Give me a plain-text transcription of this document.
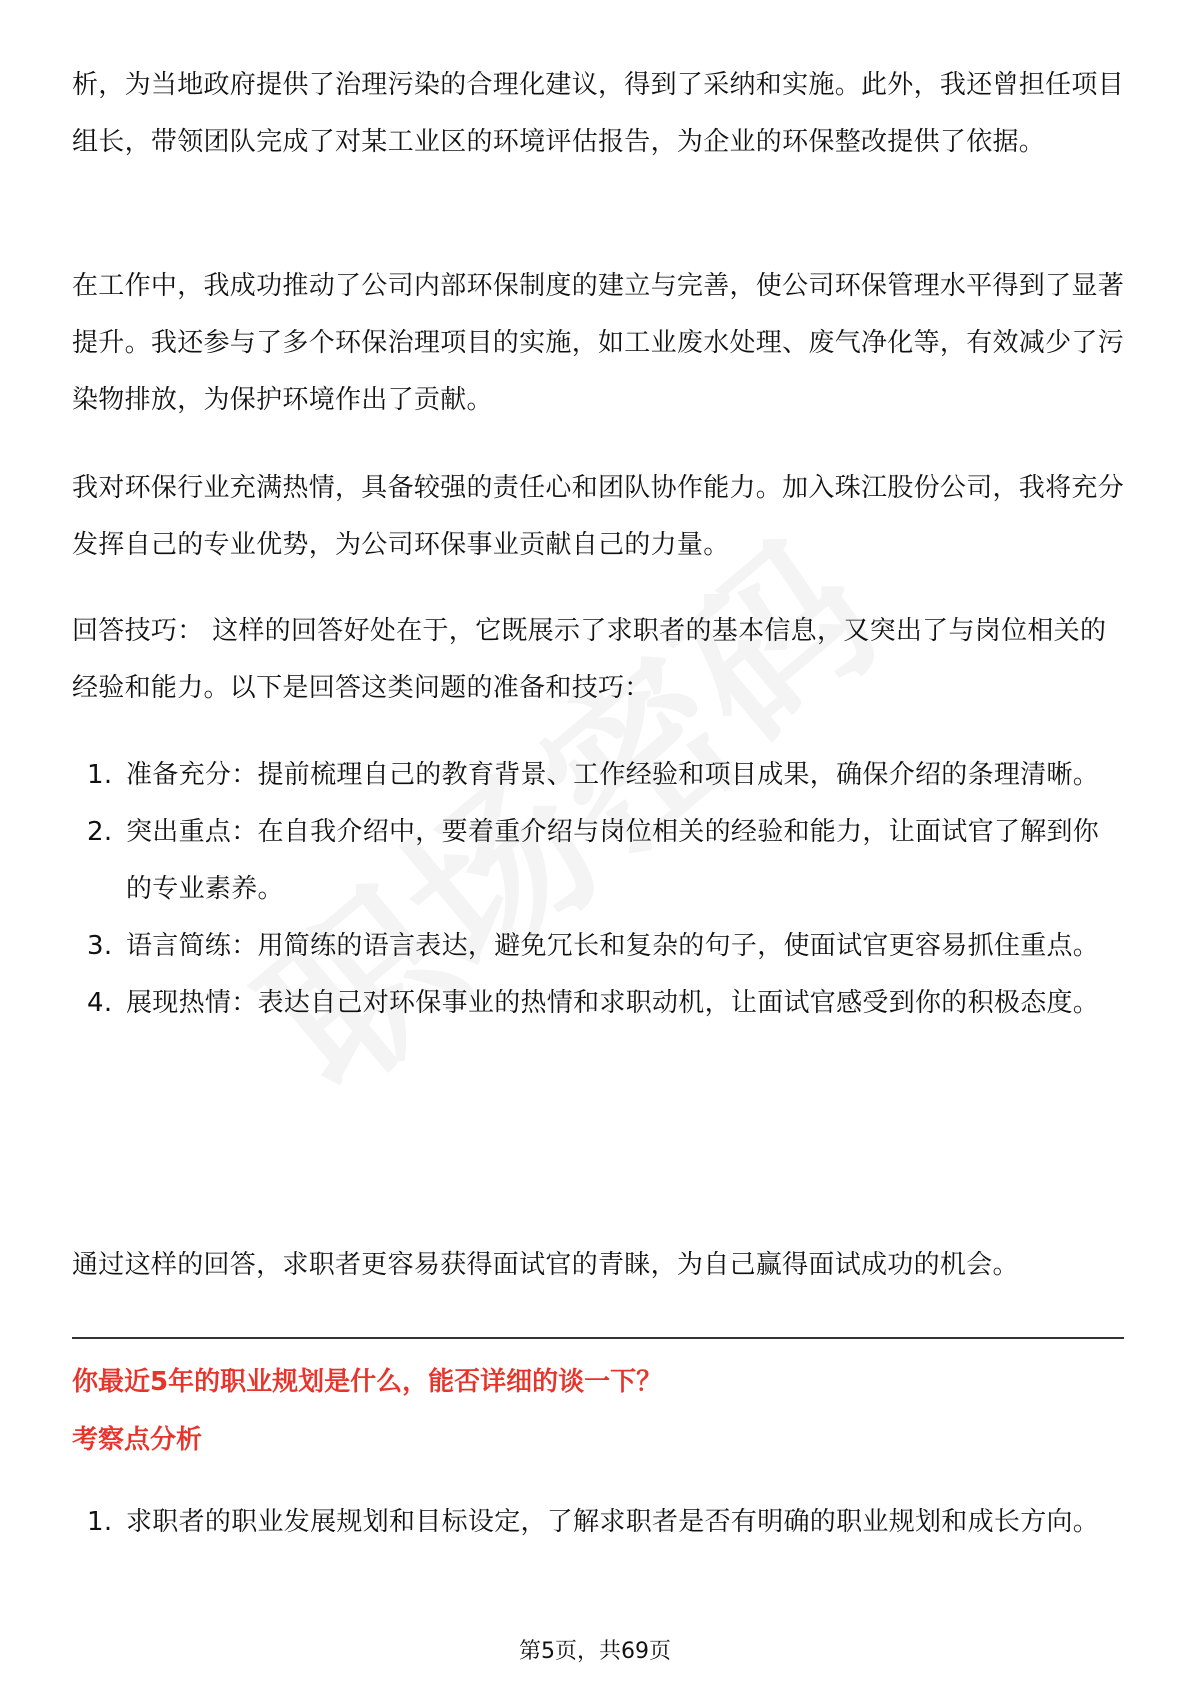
析，为当地政府提供了治理污染的合理化建议，得到了采纳和实施。此外，我还曾担任项目组长，带领团队完成了对某工业区的环境评估报告，为企业的环保整改提供了依据。

在工作中，我成功推动了公司内部环保制度的建立与完善，使公司环保管理水平得到了显著提升。我还参与了多个环保治理项目的实施，如工业废水处理、废气净化等，有效减少了污染物排放，为保护环境作出了贡献。

我对环保行业充满热情，具备较强的责任心和团队协作能力。加入珠江股份公司，我将充分发挥自己的专业优势，为公司环保事业贡献自己的力量。

回答技巧： 这样的回答好处在于，它既展示了求职者的基本信息，又突出了与岗位相关的经验和能力。以下是回答这类问题的准备和技巧：

1. 准备充分：提前梳理自己的教育背景、工作经验和项目成果，确保介绍的条理清晰。
2. 突出重点：在自我介绍中，要着重介绍与岗位相关的经验和能力，让面试官了解到你的专业素养。
3. 语言简练：用简练的语言表达，避免冗长和复杂的句子，使面试官更容易抓住重点。
4. 展现热情：表达自己对环保事业的热情和求职动机，让面试官感受到你的积极态度。

通过这样的回答，求职者更容易获得面试官的青睐，为自己赢得面试成功的机会。

你最近5年的职业规划是什么，能否详细的谈一下？
考察点分析
1. 求职者的职业发展规划和目标设定，了解求职者是否有明确的职业规划和成长方向。
第5页，共69页
